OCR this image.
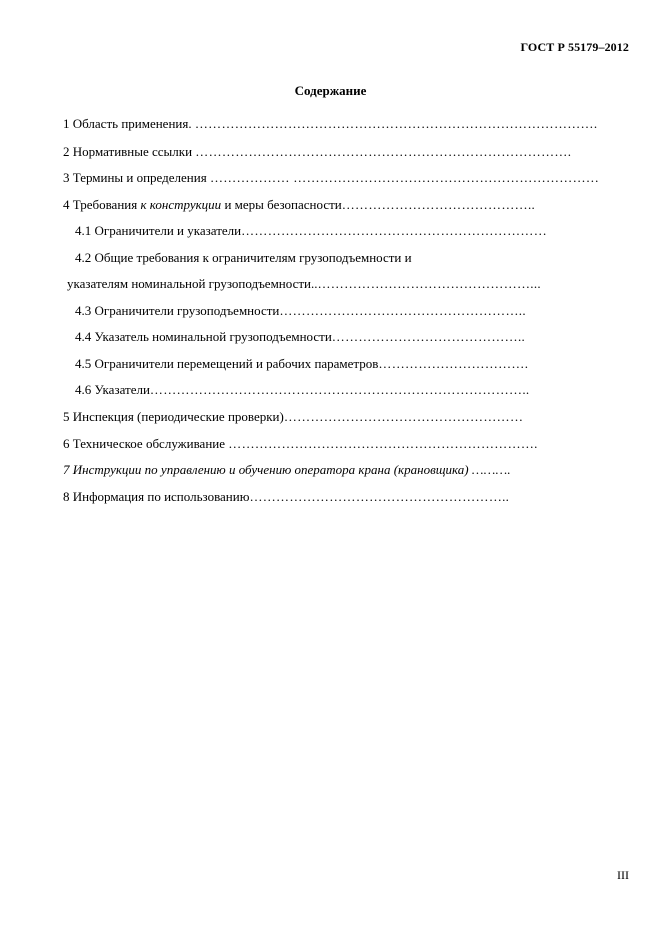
ГОСТ Р 55179–2012
Содержание
1 Область применения. ……………………………………………………………………………….
2 Нормативные ссылки ………………………………………………………………………….
3 Термины и определения ……………… ……………………………………………………………
4 Требования к конструкции и меры безопасности……………………………………..
4.1 Ограничители и указатели……………………………………………………………
4.2 Общие требования к ограничителям грузоподъемности и
указателям номинальной грузоподъемности..…………………………………………...
4.3 Ограничители грузоподъемности………………………………………………..
4.4 Указатель номинальной грузоподъемности……………………………………..
4.5 Ограничители перемещений и рабочих параметров…………………………….
4.6 Указатели…………………………………………………………………………..
5 Инспекция (периодические проверки)………………………………………………
6 Техническое обслуживание …………………………………………………………….
7 Инструкции по управлению и обучению оператора крана (крановщика) ……….
8 Информация по использованию…………………………………………………..
III
